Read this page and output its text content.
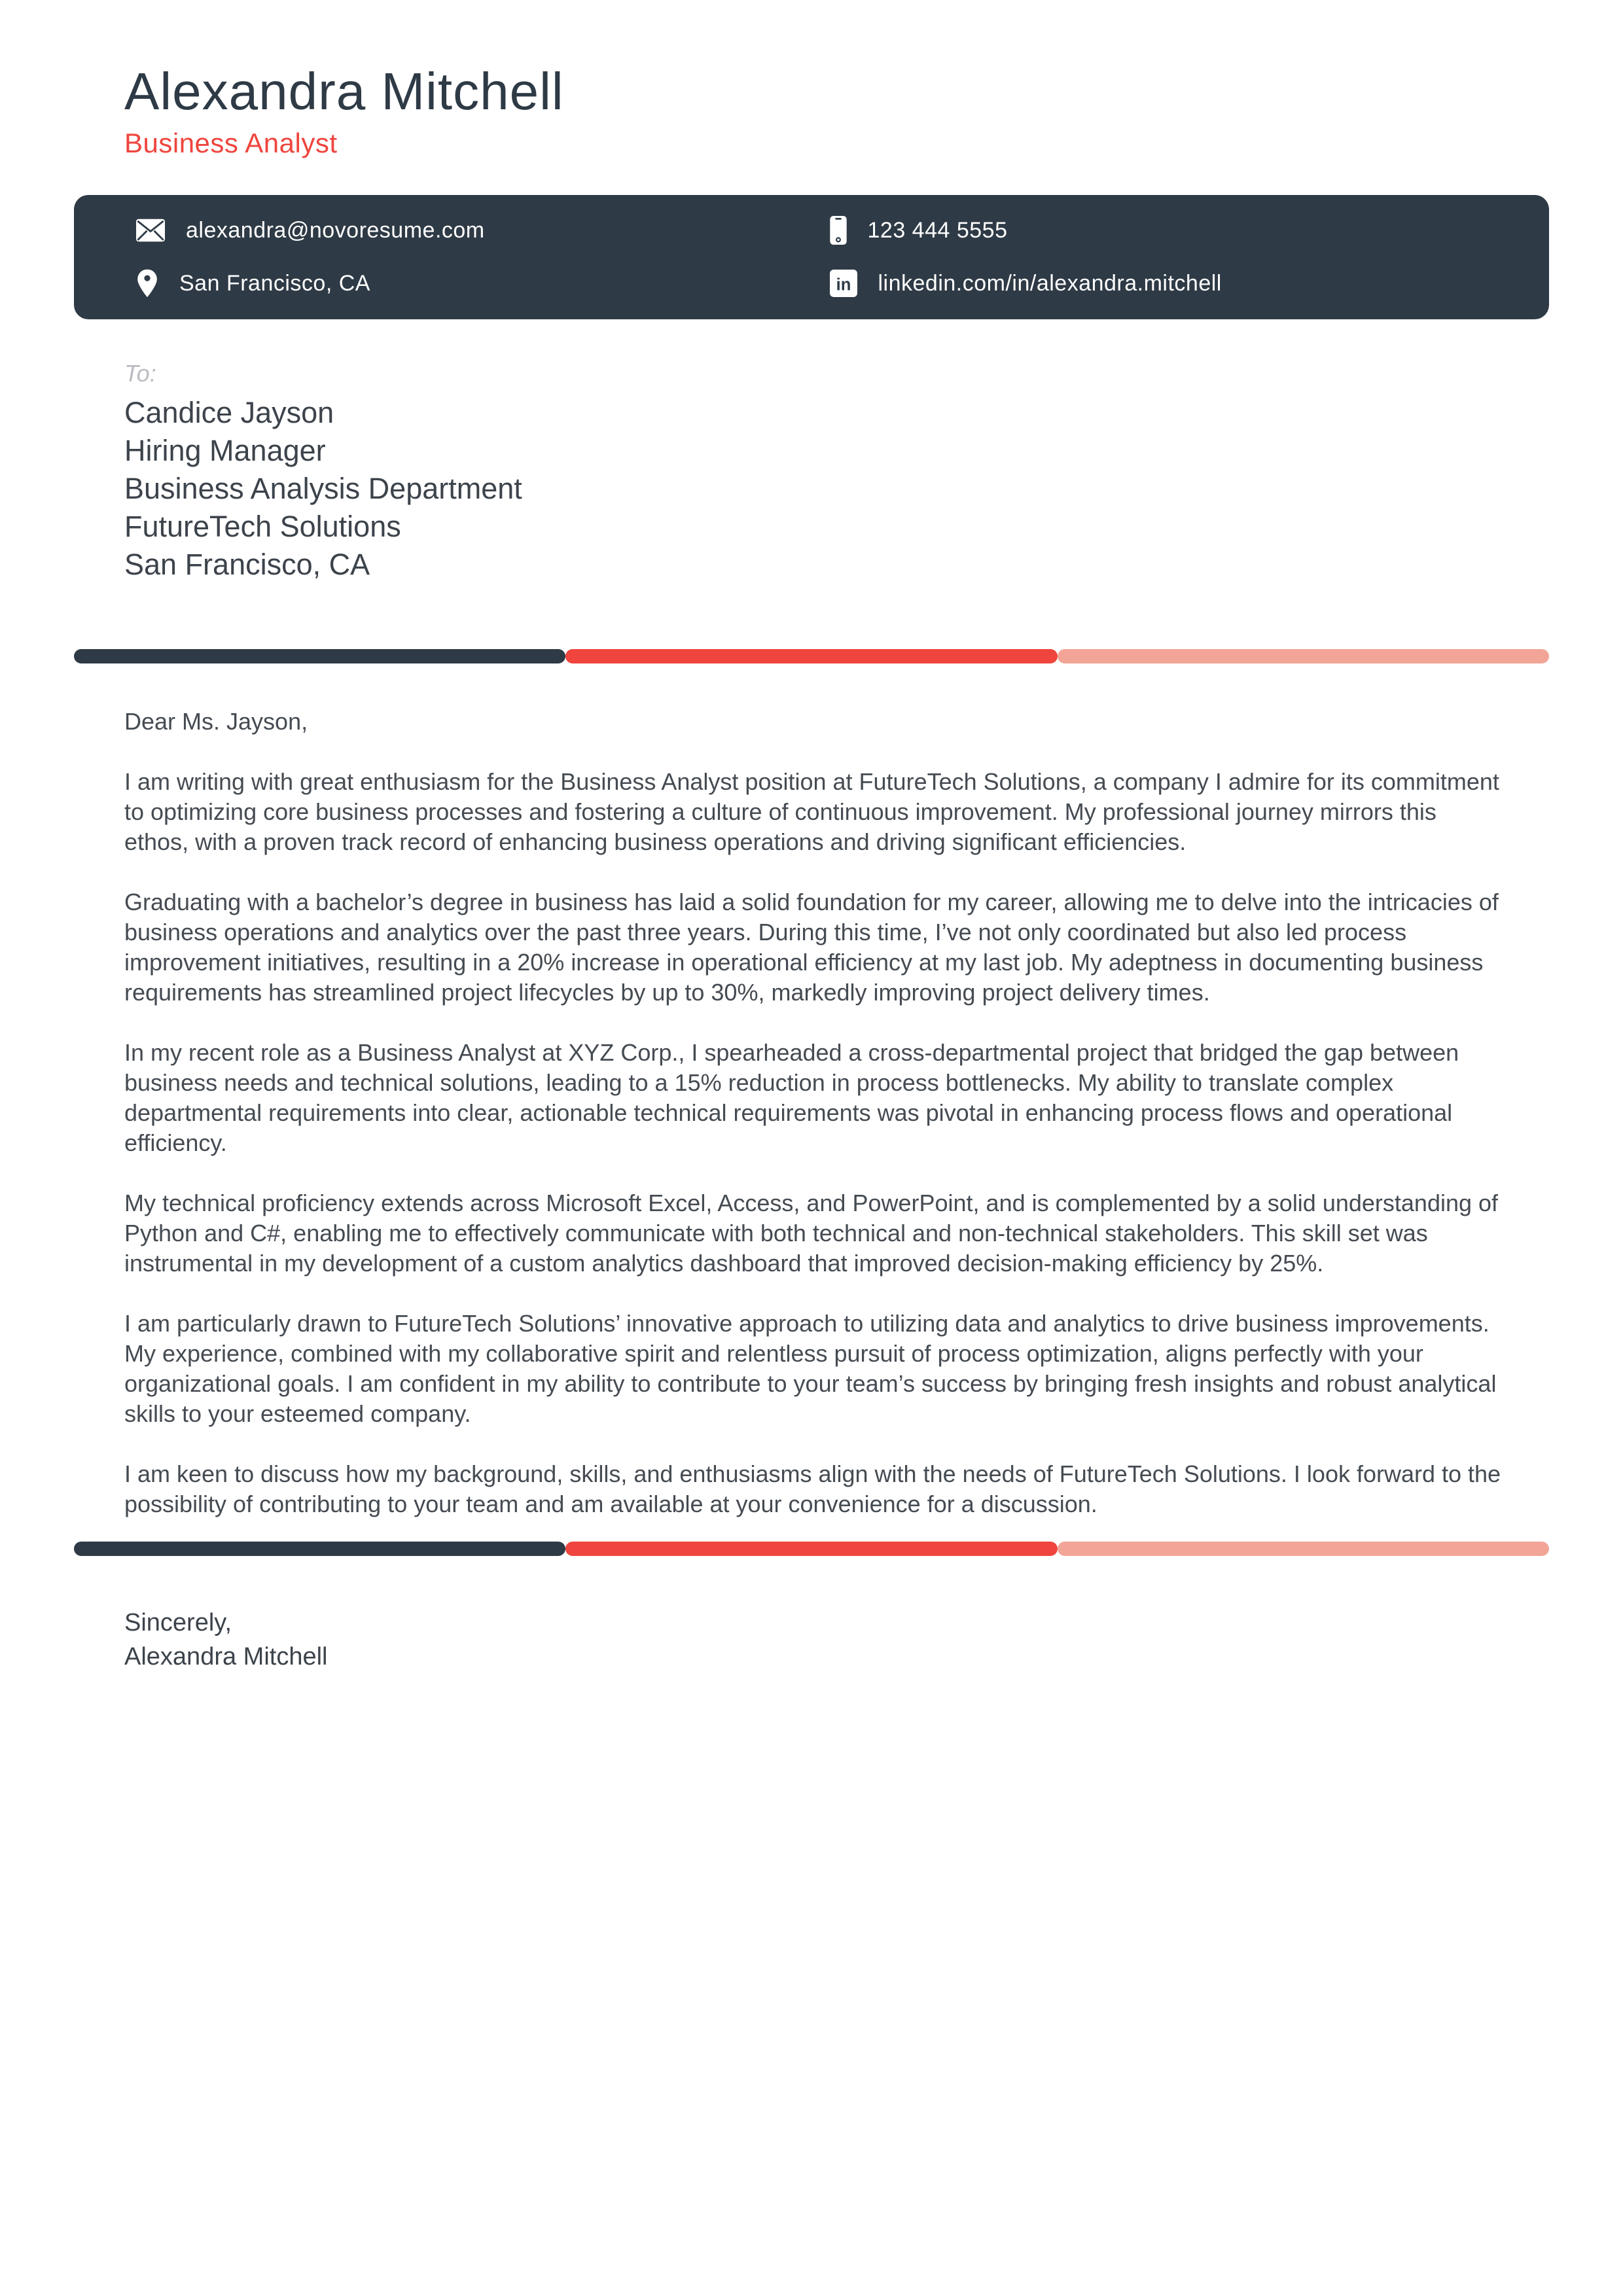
Alexandra Mitchell
Business Analyst
alexandra@novoresume.com	123 444 5555
San Francisco, CA	in linkedin.com/in/alexandra.mitchell
To:
Candice Jayson
Hiring Manager
Business Analysis Department
FutureTech Solutions
San Francisco, CA

Dear Ms. Jayson,

I am writing with great enthusiasm for the Business Analyst position at FutureTech Solutions, a company I admire for its commitment to optimizing core business processes and fostering a culture of continuous improvement. My professional journey mirrors this ethos, with a proven track record of enhancing business operations and driving significant efficiencies.

Graduating with a bachelor’s degree in business has laid a solid foundation for my career, allowing me to delve into the intricacies of business operations and analytics over the past three years. During this time, I’ve not only coordinated but also led process improvement initiatives, resulting in a 20% increase in operational efficiency at my last job. My adeptness in documenting business requirements has streamlined project lifecycles by up to 30%, markedly improving project delivery times.

In my recent role as a Business Analyst at XYZ Corp., I spearheaded a cross-departmental project that bridged the gap between business needs and technical solutions, leading to a 15% reduction in process bottlenecks. My ability to translate complex departmental requirements into clear, actionable technical requirements was pivotal in enhancing process flows and operational efficiency.

My technical proficiency extends across Microsoft Excel, Access, and PowerPoint, and is complemented by a solid understanding of Python and C#, enabling me to effectively communicate with both technical and non-technical stakeholders. This skill set was instrumental in my development of a custom analytics dashboard that improved decision-making efficiency by 25%.

I am particularly drawn to FutureTech Solutions’ innovative approach to utilizing data and analytics to drive business improvements. My experience, combined with my collaborative spirit and relentless pursuit of process optimization, aligns perfectly with your organizational goals. I am confident in my ability to contribute to your team’s success by bringing fresh insights and robust analytical skills to your esteemed company.

I am keen to discuss how my background, skills, and enthusiasms align with the needs of FutureTech Solutions. I look forward to the possibility of contributing to your team and am available at your convenience for a discussion.

Sincerely,
Alexandra Mitchell
